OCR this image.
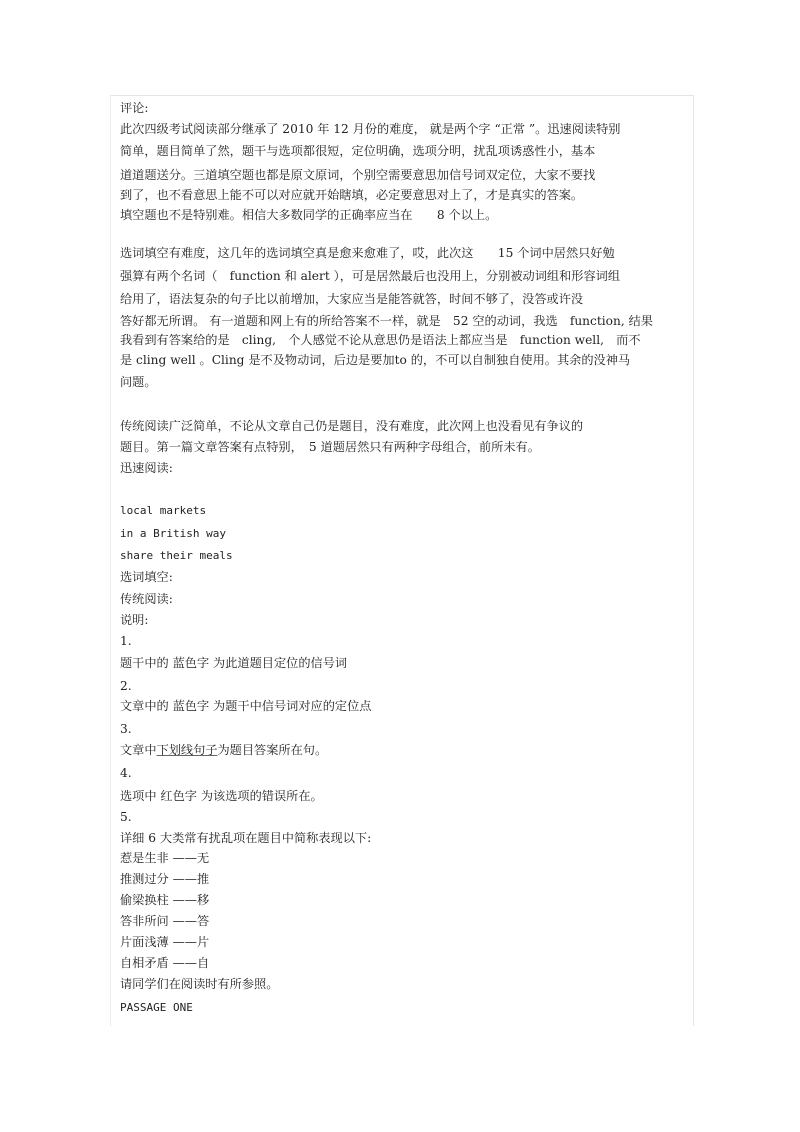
评论:
此次四级考试阅读部分继承了 2010 年 12 月份的难度， 就是两个字 “正常 ”。迅速阅读特别
简单，题目简单了然，题干与选项都很短，定位明确，选项分明，扰乱项诱惑性小，基本
道道题送分。三道填空题也都是原文原词，个别空需要意思加信号词双定位，大家不要找
到了，也不看意思上能不可以对应就开始瞎填，必定要意思对上了，才是真实的答案。
填空题也不是特别难。相信大多数同学的正确率应当在　　8 个以上。
选词填空有难度，这几年的选词填空真是愈来愈难了，哎，此次这　　15 个词中居然只好勉
强算有两个名词（　function 和 alert ），可是居然最后也没用上，分别被动词组和形容词组
给用了，语法复杂的句子比以前增加，大家应当是能答就答，时间不够了，没答或许没
答好都无所谓。 有一道题和网上有的所给答案不一样，就是　52 空的动词，我选　function, 结果
我看到有答案给的是　cling,　个人感觉不论从意思仍是语法上都应当是　function well,　而不
是 cling well 。Cling 是不及物动词，后边是要加to 的，不可以自制独自使用。其余的没神马
问题。
传统阅读广泛简单，不论从文章自己仍是题目，没有难度，此次网上也没看见有争议的
题目。第一篇文章答案有点特别，　5 道题居然只有两种字母组合，前所未有。
迅速阅读:
local markets
in a British way
share their meals
选词填空:
传统阅读:
说明:
1.
题干中的 蓝色字 为此道题目定位的信号词
2.
文章中的 蓝色字 为题干中信号词对应的定位点
3.
文章中下划线句子为题目答案所在句。
4.
选项中 红色字 为该选项的错误所在。
5.
详细 6 大类常有扰乱项在题目中简称表现以下:
惹是生非 ——无
推测过分 ——推
偷梁换柱 ——移
答非所问 ——答
片面浅薄 ——片
自相矛盾 ——自
请同学们在阅读时有所参照。
PASSAGE ONE
